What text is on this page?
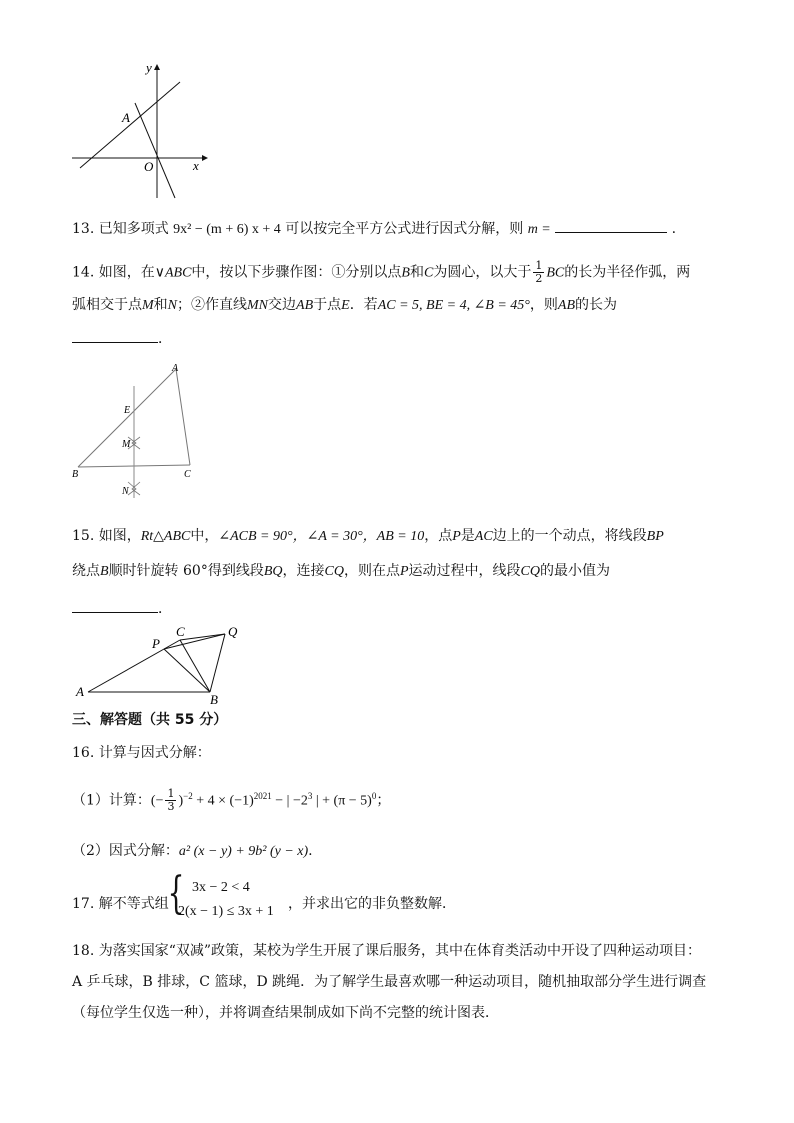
y
x
A
O
13. 已知多项式 9x² − (m + 6) x + 4 可以按完全平方公式进行因式分解，则 m =	.
14. 如图，在∨ABC中，按以下步骤作图：①分别以点B和C为圆心，以大于 $\frac{1}{2}$ BC的长为半径作弧，两
弧相交于点M和N；②作直线MN交边AB于点E．若AC = 5, BE = 4, ∠B = 45°，则AB的长为
．
A
E
M
B	C
N
15. 如图，Rt△ABC中，∠ACB = 90°，∠A = 30°，AB = 10，点P是AC边上的一个动点，将线段BP
绕点B顺时针旋转 60°得到线段BQ，连接CQ，则在点P运动过程中，线段CQ的最小值为
．
A
P
C	Q
B
三、解答题（共 55 分）
16. 计算与因式分解：
（1）计算：(− $\frac{1}{3} )^{-2} + 4 \times (-1)^{2021}$ − | $-2^3$ | + $(\pi - 5)^0$；
（2）因式分解：a² (x − y) + 9b² (y − x).
17. 解不等式组
{ 3x − 2 < 4
2(x − 1) ≤ 3x + 1 ，并求出它的非负整数解．
18. 为落实国家“双减”政策，某校为学生开展了课后服务，其中在体育类活动中开设了四种运动项目：
A 乒乓球，B 排球，C 篮球，D 跳绳．为了解学生最喜欢哪一种运动项目，随机抽取部分学生进行调查
（每位学生仅选一种），并将调查结果制成如下尚不完整的统计图表．
